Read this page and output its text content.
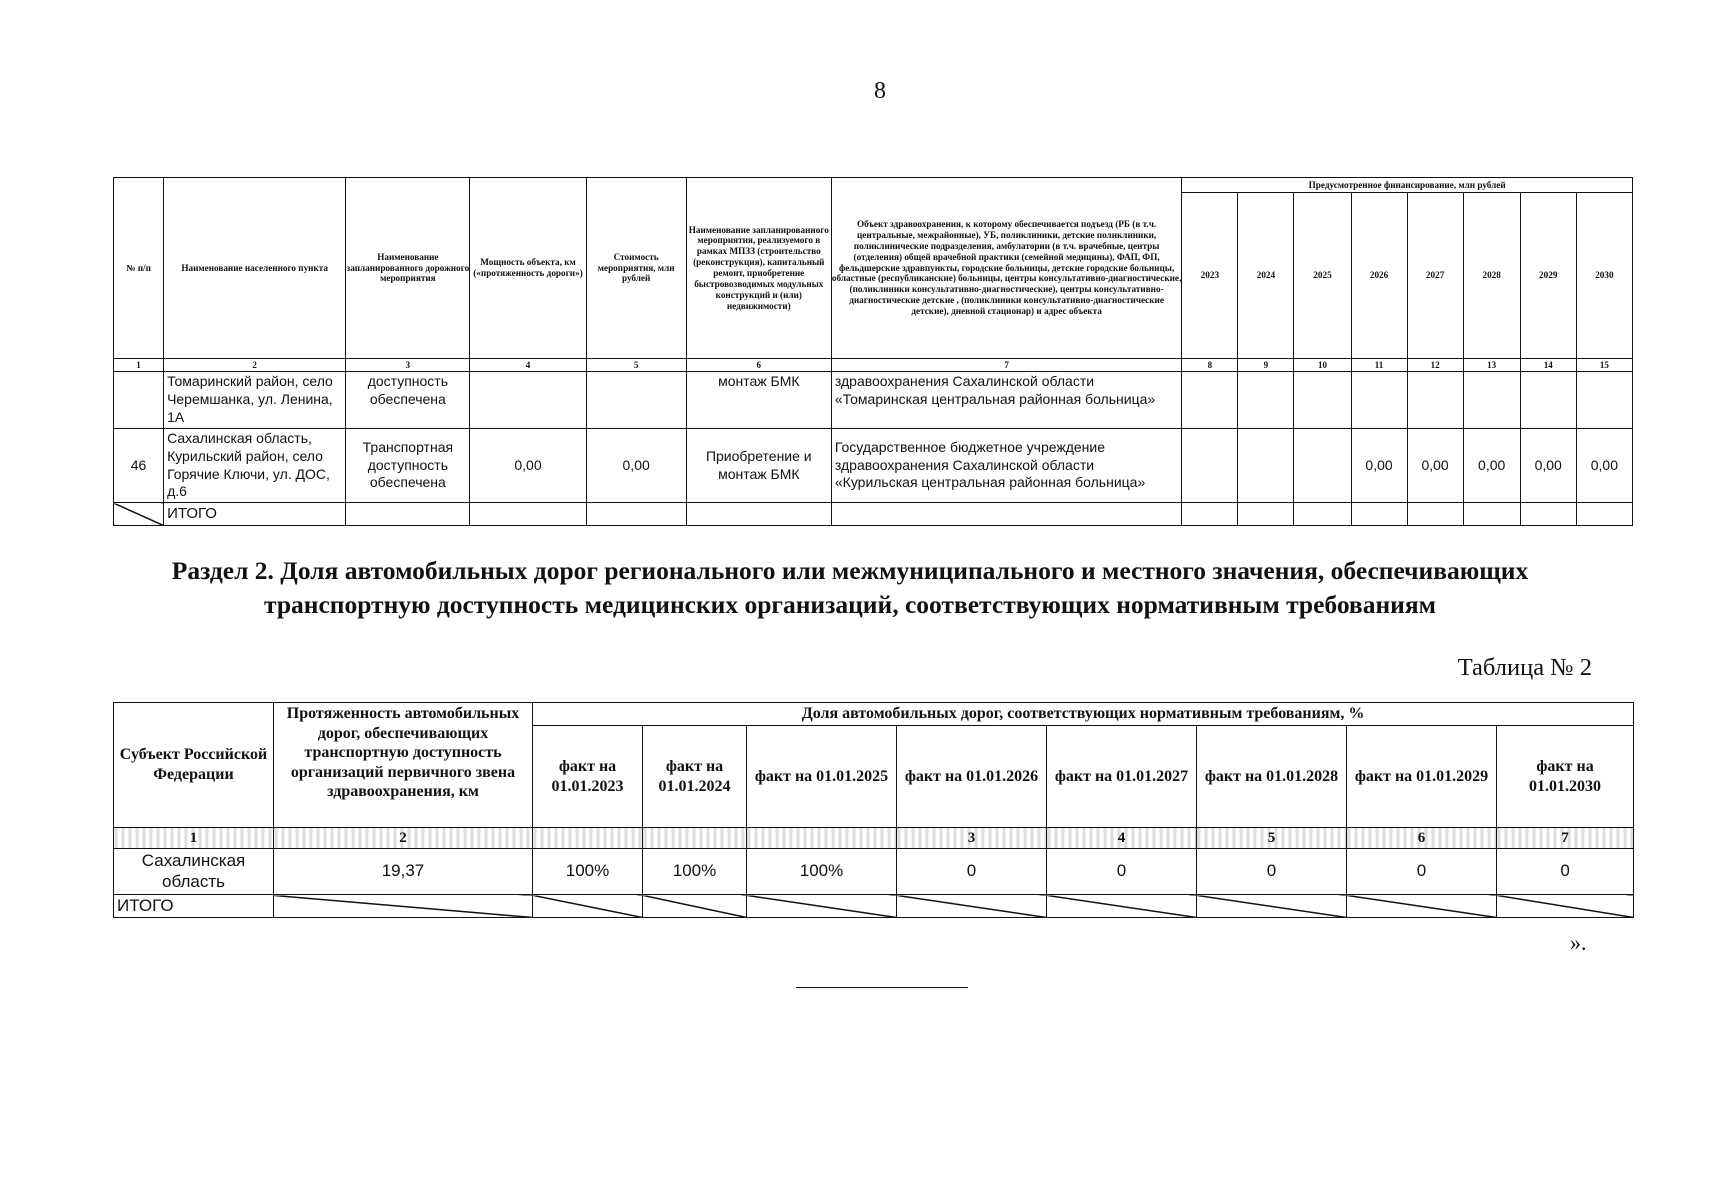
8
№ п/п	Наименование населенного пункта	Наименование запланированного дорожного мероприятия	Мощность объекта, км («протяженность дороги»)	Стоимость мероприятия, млн рублей	Наименование запланированного мероприятия, реализуемого в рамках МПЗЗ (строительство (реконструкция), капитальный ремонт, приобретение быстровозводимых модульных конструкций и (или) недвижимости)	Объект здравоохранения, к которому обеспечивается подъезд (РБ (в т.ч. центральные, межрайонные), УБ, поликлиники, детские поликлиники, поликлинические подразделения, амбулатории (в т.ч. врачебные, центры (отделения) общей врачебной практики (семейной медицины), ФАП, ФП, фельдшерские здравпункты, городские больницы, детские городские больницы, областные (республиканские) больницы, центры консультативно-диагностические, (поликлиники консультативно-диагностические), центры консультативно-диагностические детские , (поликлиники консультативно-диагностические детские), дневной стационар) и адрес объекта	Предусмотренное финансирование, млн рублей							
							2023	2024	2025	2026	2027	2028	2029	2030
1	2	3	4	5	6	7	8	9	10	11	12	13	14	15
	Томаринский район, село Черемшанка, ул. Ленина, 1А	доступность обеспечена			монтаж БМК	здравоохранения Сахалинской области «Томаринская центральная районная больница»								
46	Сахалинская область, Курильский район, село Горячие Ключи, ул. ДОС, д.6	Транспортная доступность обеспечена	0,00	0,00	Приобретение и монтаж БМК	Государственное бюджетное учреждение здравоохранения Сахалинской области «Курильская центральная районная больница»				0,00	0,00	0,00	0,00	0,00
	ИТОГО													
Раздел 2. Доля автомобильных дорог регионального или межмуниципального и местного значения, обеспечивающих транспортную доступность медицинских организаций, соответствующих нормативным требованиям
Таблица № 2
Субъект Российской Федерации	Протяженность автомобильных дорог, обеспечивающих транспортную доступность организаций первичного звена здравоохранения, км	Доля автомобильных дорог, соответствующих нормативным требованиям, %							
		факт на 01.01.2023	факт на 01.01.2024	факт на 01.01.2025	факт на 01.01.2026	факт на 01.01.2027	факт на 01.01.2028	факт на 01.01.2029	факт на 01.01.2030
1	2				3	4	5	6	7
Сахалинская область	19,37	100%	100%	100%	0	0	0	0	0
ИТОГО									
».
